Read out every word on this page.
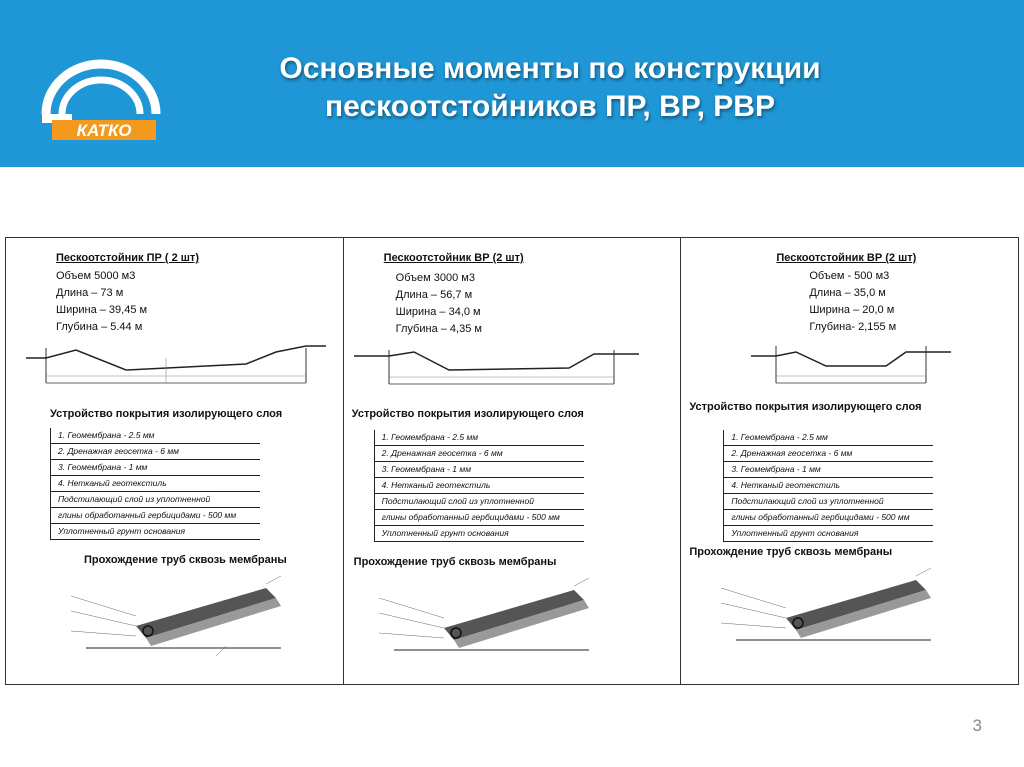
КАТКО
Основные моменты по конструкции
пескоотстойников ПР, ВР, РВР
Пескоотстойник ПР ( 2 шт)
Объем 5000 м3
Длина – 73 м
Ширина – 39,45 м
Глубина – 5.44 м
Устройство покрытия изолирующего слоя
1. Геомембрана - 2.5 мм
2. Дренажная геосетка - 6 мм
3. Геомембрана - 1 мм
4. Нетканый геотекстиль
Подстилающий слой из уплотненной
глины обработанный гербицидами - 500 мм
Уплотненный грунт основания
Прохождение труб сквозь мембраны
Пескоотстойник ВР (2 шт)
Объем 3000 м3
Длина – 56,7 м
Ширина – 34,0 м
Глубина – 4,35 м
Устройство покрытия изолирующего слоя
1. Геомембрана - 2.5 мм
2. Дренажная геосетка - 6 мм
3. Геомембрана - 1 мм
4. Нетканый геотекстиль
Подстилающий слой из уплотненной
глины обработанный гербицидами - 500 мм
Уплотненный грунт основания
Прохождение труб сквозь мембраны
Пескоотстойник ВР (2 шт)
Объем - 500 м3
Длина – 35,0 м
Ширина – 20,0 м
Глубина- 2,155 м
Устройство покрытия изолирующего слоя
1. Геомембрана - 2.5 мм
2. Дренажная геосетка - 6 мм
3. Геомембрана - 1 мм
4. Нетканый геотекстиль
Подстилающий слой из уплотненной
глины обработанный гербицидами - 500 мм
Уплотненный грунт основания
Прохождение труб сквозь мембраны
3
